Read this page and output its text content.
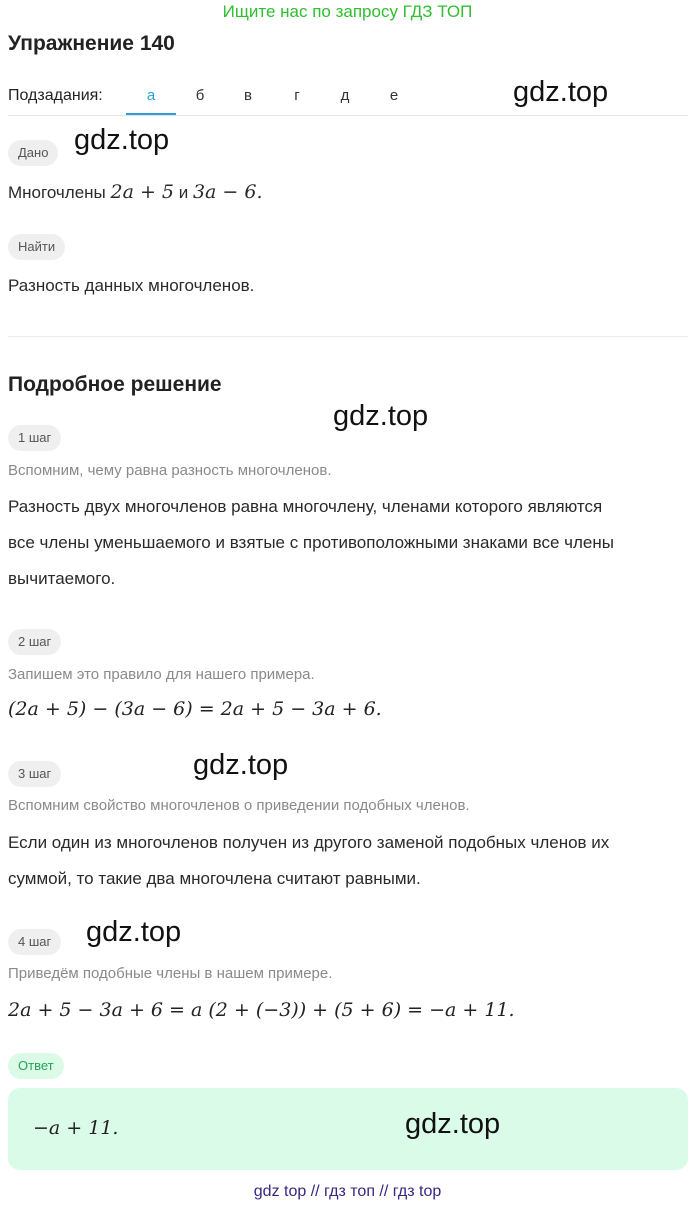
Ищите нас по запросу ГДЗ ТОП
Упражнение 140
Подзадания:	а	б	в	г	д	е	gdz.top
Дано gdz.top
Многочлены 2a + 5 и 3a − 6.
Найти
Разность данных многочленов.
Подробное решение
gdz.top
1 шаг
Вспомним, чему равна разность многочленов.
Разность двух многочленов равна многочлену, членами которого являются
все члены уменьшаемого и взятые с противоположными знаками все члены
вычитаемого.
2 шаг
Запишем это правило для нашего примера.
(2a + 5) − (3a − 6) = 2a + 5 − 3a + 6.
3 шаг	gdz.top
Вспомним свойство многочленов о приведении подобных членов.
Если один из многочленов получен из другого заменой подобных членов их
суммой, то такие два многочлена считают равными.
4 шаг	gdz.top
Приведём подобные члены в нашем примере.
2a + 5 − 3a + 6 = a (2 + (−3)) + (5 + 6) = −a + 11.
Ответ
−a + 11.	gdz.top
gdz top // гдз топ // гдз top
